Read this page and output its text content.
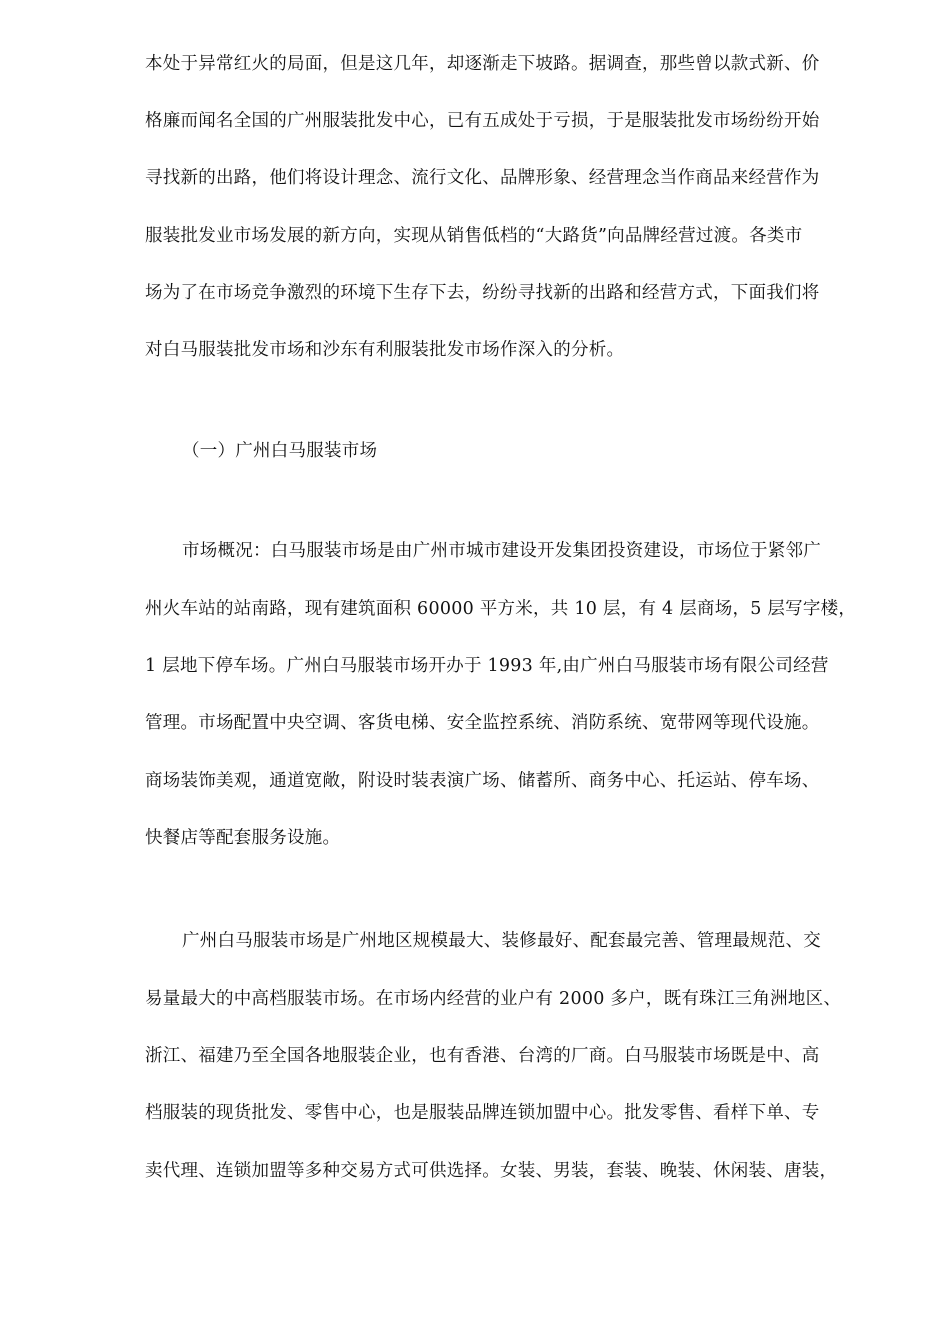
本处于异常红火的局面，但是这几年，却逐渐走下坡路。据调查，那些曾以款式新、价
格廉而闻名全国的广州服装批发中心，已有五成处于亏损，于是服装批发市场纷纷开始
寻找新的出路，他们将设计理念、流行文化、品牌形象、经营理念当作商品来经营作为
服装批发业市场发展的新方向，实现从销售低档的“大路货”向品牌经营过渡。各类市
场为了在市场竞争激烈的环境下生存下去，纷纷寻找新的出路和经营方式，下面我们将
对白马服装批发市场和沙东有利服装批发市场作深入的分析。
（一）广州白马服装市场
市场概况：白马服装市场是由广州市城市建设开发集团投资建设，市场位于紧邻广
州火车站的站南路，现有建筑面积 60000 平方米，共 10 层，有 4 层商场，5 层写字楼，
1 层地下停车场。广州白马服装市场开办于 1993 年,由广州白马服装市场有限公司经营
管理。市场配置中央空调、客货电梯、安全监控系统、消防系统、宽带网等现代设施。
商场装饰美观，通道宽敞，附设时装表演广场、储蓄所、商务中心、托运站、停车场、
快餐店等配套服务设施。
广州白马服装市场是广州地区规模最大、装修最好、配套最完善、管理最规范、交
易量最大的中高档服装市场。在市场内经营的业户有 2000 多户，既有珠江三角洲地区、
浙江、福建乃至全国各地服装企业，也有香港、台湾的厂商。白马服装市场既是中、高
档服装的现货批发、零售中心，也是服装品牌连锁加盟中心。批发零售、看样下单、专
卖代理、连锁加盟等多种交易方式可供选择。女装、男装，套装、晚装、休闲装、唐装，
